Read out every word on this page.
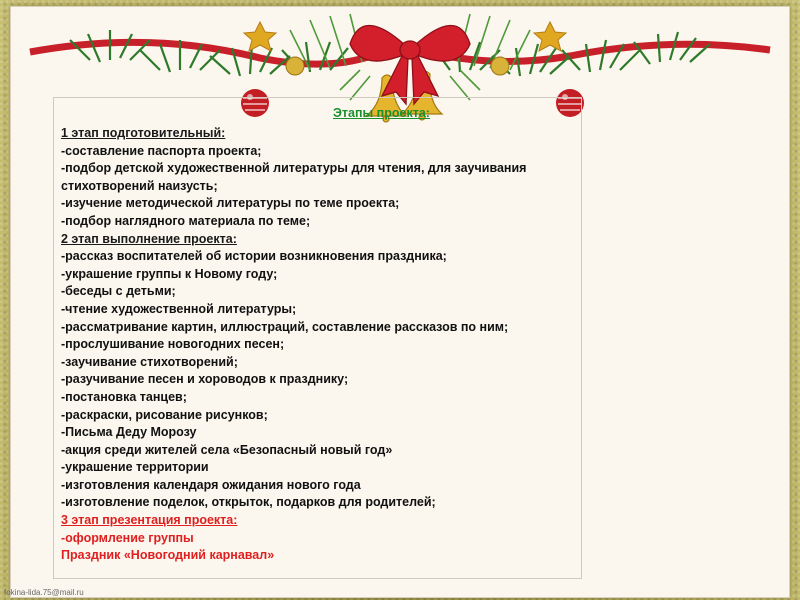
Этапы проекта:
1 этап подготовительный:
-составление паспорта проекта;
-подбор детской художественной литературы для чтения, для заучивания
стихотворений наизусть;
-изучение методической литературы по теме проекта;
-подбор наглядного материала по теме;
2 этап выполнение проекта:
-рассказ воспитателей об истории возникновения праздника;
-украшение группы к Новому году;
-беседы с детьми;
-чтение художественной литературы;
-рассматривание картин, иллюстраций, составление рассказов по ним;
-прослушивание новогодних песен;
-заучивание стихотворений;
-разучивание песен и хороводов к празднику;
-постановка танцев;
-раскраски, рисование рисунков;
-Письма Деду Морозу
-акция среди жителей села «Безопасный новый год»
-украшение территории
-изготовления календаря ожидания нового года
-изготовление поделок, открыток, подарков для родителей;
3 этап презентация проекта:
-оформление группы
Праздник «Новогодний карнавал»
fokina-lida.75@mail.ru
